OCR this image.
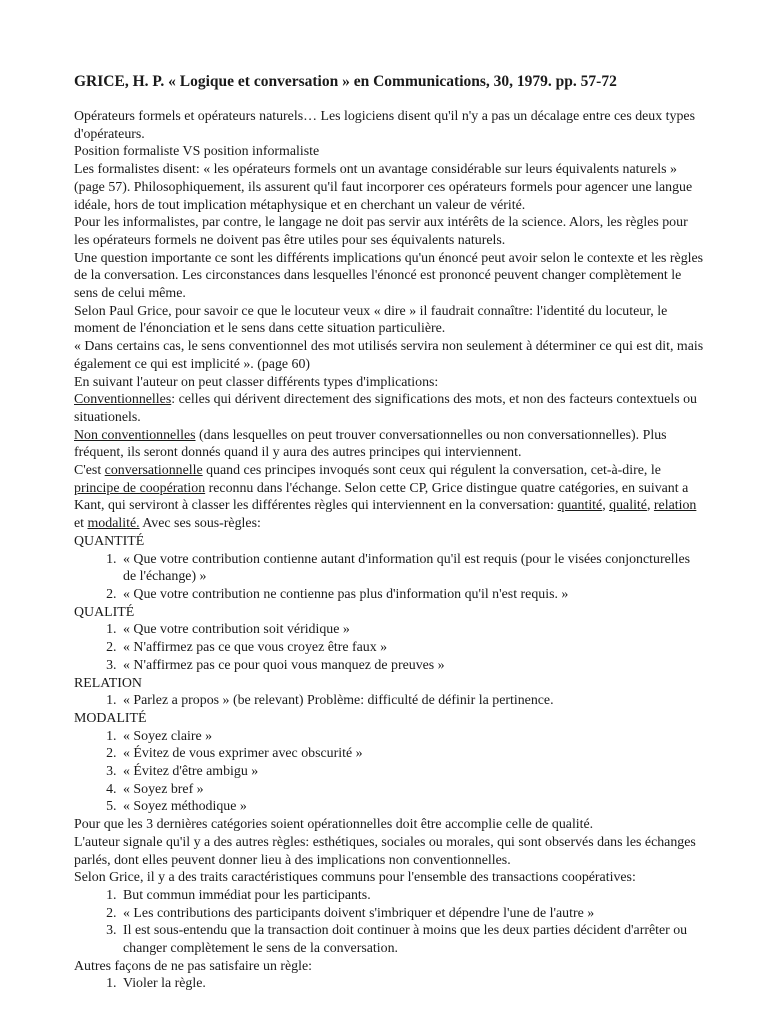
GRICE, H. P. « Logique et conversation » en Communications, 30, 1979. pp. 57-72

Opérateurs formels et opérateurs naturels… Les logiciens disent qu'il n'y a pas un décalage entre ces deux types d'opérateurs.

Position formaliste VS position informaliste

Les formalistes disent: « les opérateurs formels ont un avantage considérable sur leurs équivalents naturels » (page 57). Philosophiquement, ils assurent qu'il faut incorporer ces opérateurs formels pour agencer une langue idéale, hors de tout implication métaphysique et en cherchant un valeur de vérité.

Pour les informalistes, par contre, le langage ne doit pas servir aux intérêts de la science. Alors, les règles pour les opérateurs formels ne doivent pas être utiles pour ses équivalents naturels.

Une question importante ce sont les différents implications qu'un énoncé peut avoir selon le contexte et les règles de la conversation. Les circonstances dans lesquelles l'énoncé est prononcé peuvent changer complètement le sens de celui même.

Selon Paul Grice, pour savoir ce que le locuteur veux « dire » il faudrait connaître: l'identité du locuteur, le moment de l'énonciation et le sens dans cette situation particulière.

« Dans certains cas, le sens conventionnel des mot utilisés servira non seulement à déterminer ce qui est dit, mais également ce qui est implicité ». (page 60)

En suivant l'auteur on peut classer différents types d'implications:

Conventionnelles: celles qui dérivent directement des significations des mots, et non des facteurs contextuels ou situationels.

Non conventionnelles (dans lesquelles on peut trouver conversationnelles ou non conversationnelles). Plus fréquent, ils seront donnés quand il y aura des autres principes qui interviennent.

C'est conversationnelle quand ces principes invoqués sont ceux qui régulent la conversation, cet-à-dire, le principe de coopération reconnu dans l'échange. Selon cette CP, Grice distingue quatre catégories, en suivant a Kant, qui serviront à classer les différentes règles qui interviennent en la conversation: quantité, qualité, relation et modalité. Avec ses sous-règles:

QUANTITÉ

1. « Que votre contribution contienne autant d'information qu'il est requis (pour le visées conjoncturelles de l'échange) »
2. « Que votre contribution ne contienne pas plus d'information qu'il n'est requis. »

QUALITÉ

1. « Que votre contribution soit véridique »
2. « N'affirmez pas ce que vous croyez être faux »
3. « N'affirmez pas ce pour quoi vous manquez de preuves »

RELATION

1. « Parlez a propos » (be relevant) Problème: difficulté de définir la pertinence.

MODALITÉ

1. « Soyez claire »
2. « Évitez de vous exprimer avec obscurité »
3. « Évitez d'être ambigu »
4. « Soyez bref »
5. « Soyez méthodique »

Pour que les 3 dernières catégories soient opérationnelles doit être accomplie celle de qualité.

L'auteur signale qu'il y a des autres règles: esthétiques, sociales ou morales, qui sont observés dans les échanges parlés, dont elles peuvent donner lieu à des implications non conventionnelles.

Selon Grice, il y a des traits caractéristiques communs pour l'ensemble des transactions coopératives:

1. But commun immédiat pour les participants.
2. « Les contributions des participants doivent s'imbriquer et dépendre l'une de l'autre »
3. Il est sous-entendu que la transaction doit continuer à moins que les deux parties décident d'arrêter ou changer complètement le sens de la conversation.

Autres façons de ne pas satisfaire un règle:

1. Violer la règle.
